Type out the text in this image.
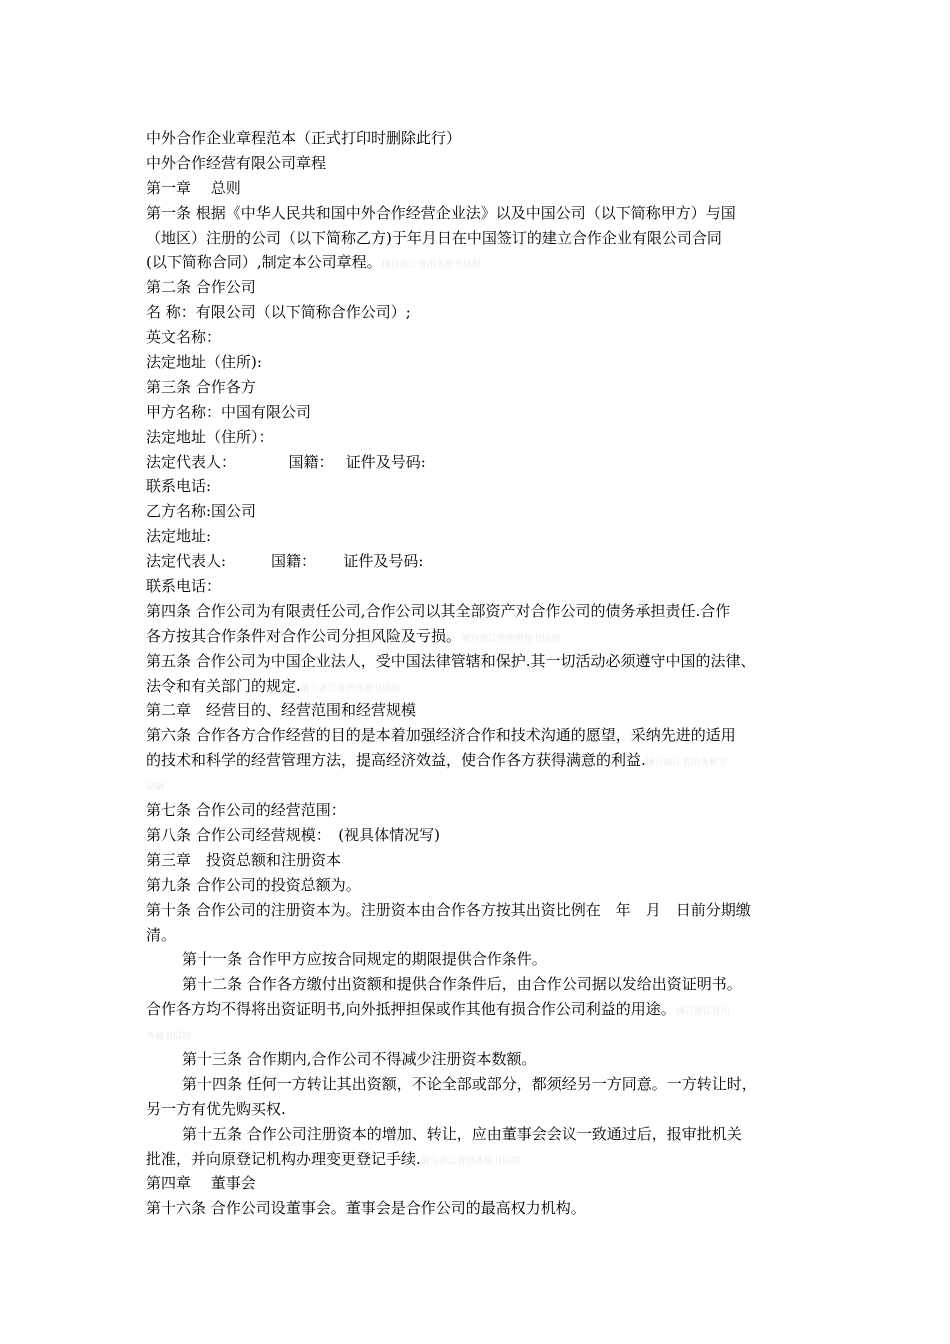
中外合作企业章程范本（正式打印时删除此行）
中外合作经营有限公司章程
第一章　 总则
第一条 根据《中华人民共和国中外合作经营企业法》以及中国公司（以下简称甲方）与国
（地区）注册的公司（以下简称乙方)于年月日在中国签订的建立合作企业有限公司合同
(以下简称合同）,制定本公司章程。摘自浙江省团务秘书局制
第二条 合作公司
名 称：有限公司（以下简称合作公司）;
英文名称：
法定地址（住所):
第三条 合作各方
甲方名称：中国有限公司
法定地址（住所）：
法定代表人：　　　　国籍：　 证件及号码:
联系电话:
乙方名称:国公司
法定地址:
法定代表人:　　　国籍：　　 证件及号码:
联系电话：
第四条 合作公司为有限责任公司,合作公司以其全部资产对合作公司的债务承担责任.合作
各方按其合作条件对合作公司分担风险及亏损。摘自浙江省团务秘书局制
第五条 合作公司为中国企业法人，受中国法律管辖和保护.其一切活动必须遵守中国的法律、
法令和有关部门的规定.摘自浙江省团务秘书局制
第二章　经营目的、经营范围和经营规模
第六条 合作各方合作经营的目的是本着加强经济合作和技术沟通的愿望，采纳先进的适用
的技术和科学的经营管理方法，提高经济效益，使合作各方获得满意的利益.摘自浙江省团务秘书
局制
第七条 合作公司的经营范围：
第八条 合作公司经营规模：　(视具体情况写)
第三章　投资总额和注册资本
第九条 合作公司的投资总额为。
第十条 合作公司的注册资本为。注册资本由合作各方按其出资比例在　年　月　日前分期缴
清。
第十一条 合作甲方应按合同规定的期限提供合作条件。
第十二条 合作各方缴付出资额和提供合作条件后，由合作公司据以发给出资证明书。
合作各方均不得将出资证明书,向外抵押担保或作其他有损合作公司利益的用途。摘自浙江省团
务秘书局制
第十三条 合作期内,合作公司不得减少注册资本数额。
第十四条 任何一方转让其出资额，不论全部或部分，都须经另一方同意。一方转让时，
另一方有优先购买权.
第十五条 合作公司注册资本的增加、转让，应由董事会会议一致通过后，报审批机关
批准，并向原登记机构办理变更登记手续.摘自浙江省团务秘书局制
第四章　 董事会
第十六条 合作公司设董事会。董事会是合作公司的最高权力机构。
